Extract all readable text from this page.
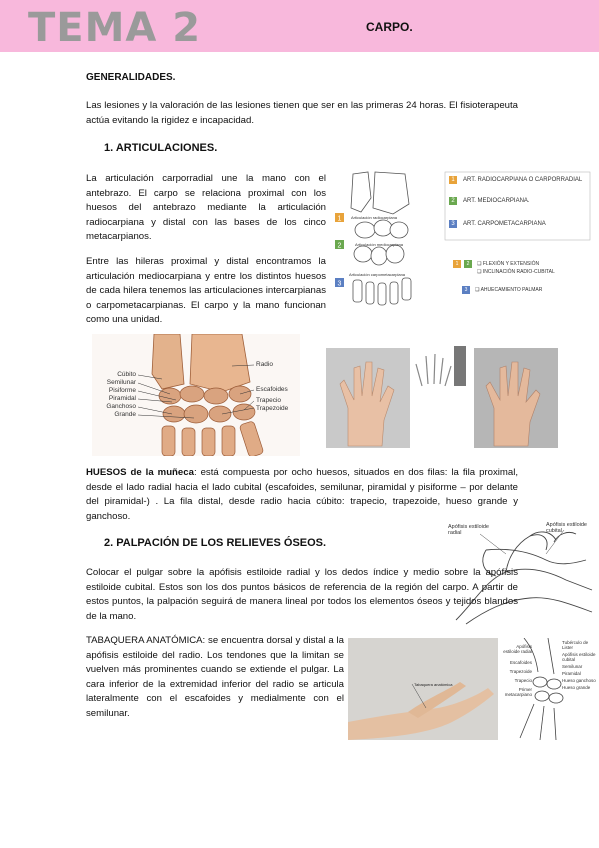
TEMA 2	CARPO.
GENERALIDADES.
Las lesiones y la valoración de las lesiones tienen que ser en las primeras 24 horas. El fisioterapeuta actúa evitando la rigidez e incapacidad.
1. ARTICULACIONES.
La articulación carporradial une la mano con el antebrazo. El carpo se relaciona proximal con los huesos del antebrazo mediante la articulación radiocarpiana y distal con las bases de los cinco metacarpianos.
Entre las hileras proximal y distal encontramos la articulación mediocarpiana y entre los distintos huesos de cada hilera tenemos las articulaciones intercarpianas o carpometacarpianas. El carpo y la mano funcionan como una unidad.
1
2
3
ART. RADIOCARPIANA O CARPORRADIAL
ART. MEDIOCARPIANA.
ART. CARPOMETACARPIANA
❑ FLEXIÓN Y EXTENSIÓN
❑ INCLINACIÓN RADIO-CUBITAL
❑ AHUECAMIENTO PALMAR
Articulación radiocarpiana
Articulación mediocarpiana
Articulación carpometacarpiana
1 2
3
1
2
3
Cúbito
Semilunar
Pisiforme
Piramidal
Ganchoso
Grande
Radio
Escafoides
Trapecio
Trapezoide
HUESOS de la muñeca: está compuesta por ocho huesos, situados en dos filas: la fila proximal, desde el lado radial hacia el lado cubital (escafoides, semilunar, piramidal y pisiforme – por delante del piramidal-) . La fila distal, desde radio hacia cúbito: trapecio, trapezoide, hueso grande y ganchoso.
2. PALPACIÓN DE LOS RELIEVES ÓSEOS.
Apófisis estiloide radial
Apófisis estiloide cubital
Colocar el pulgar sobre la apófisis estiloide radial y los dedos índice y medio sobre la apófisis estiloide cubital. Estos son los dos puntos básicos de referencia de la región del carpo. A partir de estos puntos, la palpación seguirá de manera lineal por todos los elementos óseos y tejidos blandos de la mano.
TABAQUERA ANATÓMICA: se encuentra dorsal y distal a la apófisis estiloide del radio. Los tendones que la limitan se vuelven más prominentes cuando se extiende el pulgar. La cara inferior de la extremidad inferior del radio se articula lateralmente con el escafoides y medialmente con el semilunar.
Tabaquera anatómica
Apófisis estiloide radial
Escafoides
Trapezoide
Trapecio
Primer metacarpiano
Tubérculo de Lister
Apófisis estiloide cubital
Semilunar
Piramidal
Hueso ganchoso
Hueso grande
